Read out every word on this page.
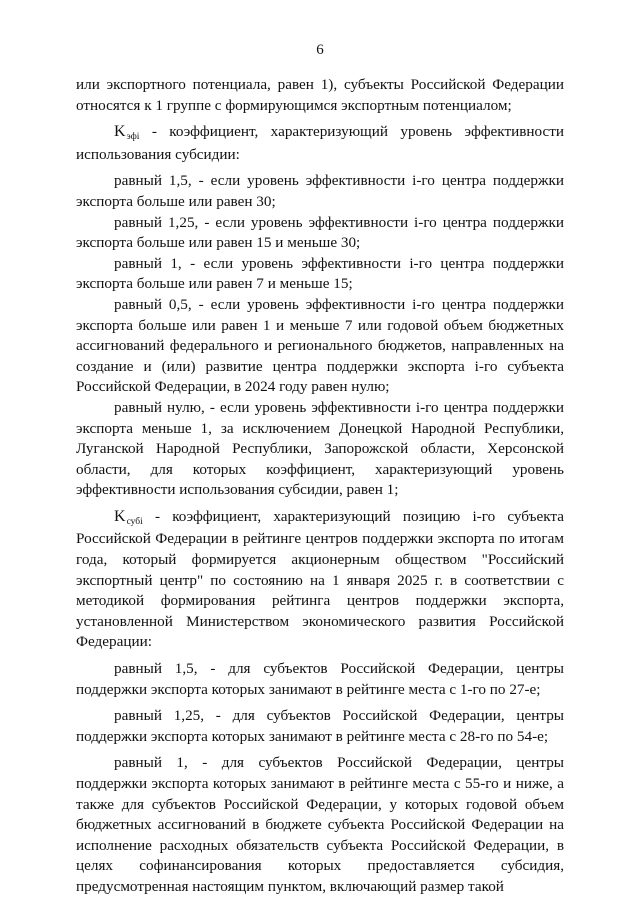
6

или экспортного потенциала, равен 1), субъекты Российской Федерации относятся к 1 группе с формирующимся экспортным потенциалом;

Kэфi - коэффициент, характеризующий уровень эффективности использования субсидии:

равный 1,5, - если уровень эффективности i-го центра поддержки экспорта больше или равен 30;

равный 1,25, - если уровень эффективности i-го центра поддержки экспорта больше или равен 15 и меньше 30;

равный 1, - если уровень эффективности i-го центра поддержки экспорта больше или равен 7 и меньше 15;

равный 0,5, - если уровень эффективности i-го центра поддержки экспорта больше или равен 1 и меньше 7 или годовой объем бюджетных ассигнований федерального и регионального бюджетов, направленных на создание и (или) развитие центра поддержки экспорта i-го субъекта Российской Федерации, в 2024 году равен нулю;

равный нулю, - если уровень эффективности i-го центра поддержки экспорта меньше 1, за исключением Донецкой Народной Республики, Луганской Народной Республики, Запорожской области, Херсонской области, для которых коэффициент, характеризующий уровень эффективности использования субсидии, равен 1;

Kсубi - коэффициент, характеризующий позицию i-го субъекта Российской Федерации в рейтинге центров поддержки экспорта по итогам года, который формируется акционерным обществом "Российский экспортный центр" по состоянию на 1 января 2025 г. в соответствии с методикой формирования рейтинга центров поддержки экспорта, установленной Министерством экономического развития Российской Федерации:

равный 1,5, - для субъектов Российской Федерации, центры поддержки экспорта которых занимают в рейтинге места с 1-го по 27-е;

равный 1,25, - для субъектов Российской Федерации, центры поддержки экспорта которых занимают в рейтинге места с 28-го по 54-е;

равный 1, - для субъектов Российской Федерации, центры поддержки экспорта которых занимают в рейтинге места с 55-го и ниже, а также для субъектов Российской Федерации, у которых годовой объем бюджетных ассигнований в бюджете субъекта Российской Федерации на исполнение расходных обязательств субъекта Российской Федерации, в целях софинансирования которых предоставляется субсидия, предусмотренная настоящим пунктом, включающий размер такой
